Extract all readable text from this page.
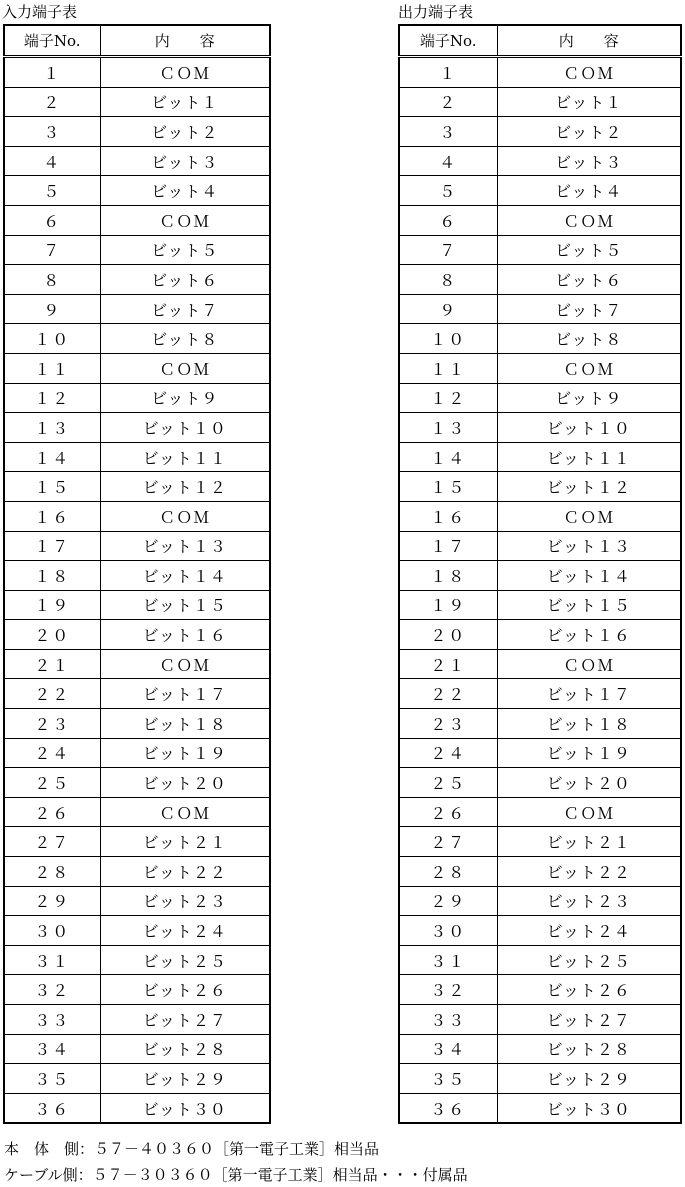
入力端子表	出力端子表
端子No.	内　　容
１	ＣＯＭ
２	ビット１
３	ビット２
４	ビット３
５	ビット４
６	ＣＯＭ
７	ビット５
８	ビット６
９	ビット７
１０	ビット８
１１	ＣＯＭ
１２	ビット９
１３	ビット１０
１４	ビット１１
１５	ビット１２
１６	ＣＯＭ
１７	ビット１３
１８	ビット１４
１９	ビット１５
２０	ビット１６
２１	ＣＯＭ
２２	ビット１７
２３	ビット１８
２４	ビット１９
２５	ビット２０
２６	ＣＯＭ
２７	ビット２１
２８	ビット２２
２９	ビット２３
３０	ビット２４
３１	ビット２５
３２	ビット２６
３３	ビット２７
３４	ビット２８
３５	ビット２９
３６	ビット３０
端子No.	内　　容
１	ＣＯＭ
２	ビット１
３	ビット２
４	ビット３
５	ビット４
６	ＣＯＭ
７	ビット５
８	ビット６
９	ビット７
１０	ビット８
１１	ＣＯＭ
１２	ビット９
１３	ビット１０
１４	ビット１１
１５	ビット１２
１６	ＣＯＭ
１７	ビット１３
１８	ビット１４
１９	ビット１５
２０	ビット１６
２１	ＣＯＭ
２２	ビット１７
２３	ビット１８
２４	ビット１９
２５	ビット２０
２６	ＣＯＭ
２７	ビット２１
２８	ビット２２
２９	ビット２３
３０	ビット２４
３１	ビット２５
３２	ビット２６
３３	ビット２７
３４	ビット２８
３５	ビット２９
３６	ビット３０
本　体　側：５７－４０３６０［第一電子工業］相当品
ケーブル側：５７－３０３６０［第一電子工業］相当品・・・付属品
